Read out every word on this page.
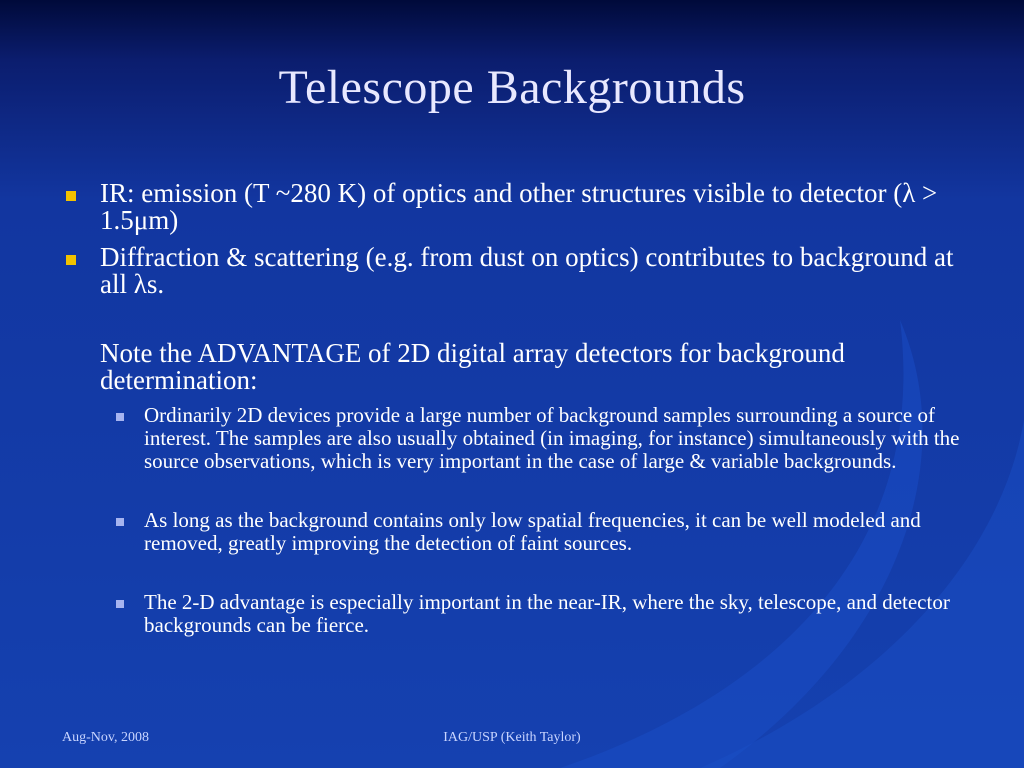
Telescope Backgrounds
IR: emission (T ~280 K) of optics and other structures visible to detector (λ > 1.5μm)
Diffraction & scattering (e.g. from dust on optics) contributes to background at all λs.
Note the ADVANTAGE of 2D digital array detectors for background determination:
Ordinarily 2D devices provide a large number of background samples surrounding a source of interest. The samples are also usually obtained (in imaging, for instance) simultaneously with the source observations, which is very important in the case of large & variable backgrounds.
As long as the background contains only low spatial frequencies, it can be well modeled and removed, greatly improving the detection of faint sources.
The 2-D advantage is especially important in the near-IR, where the sky, telescope, and detector backgrounds can be fierce.
Aug-Nov, 2008	IAG/USP (Keith Taylor)
